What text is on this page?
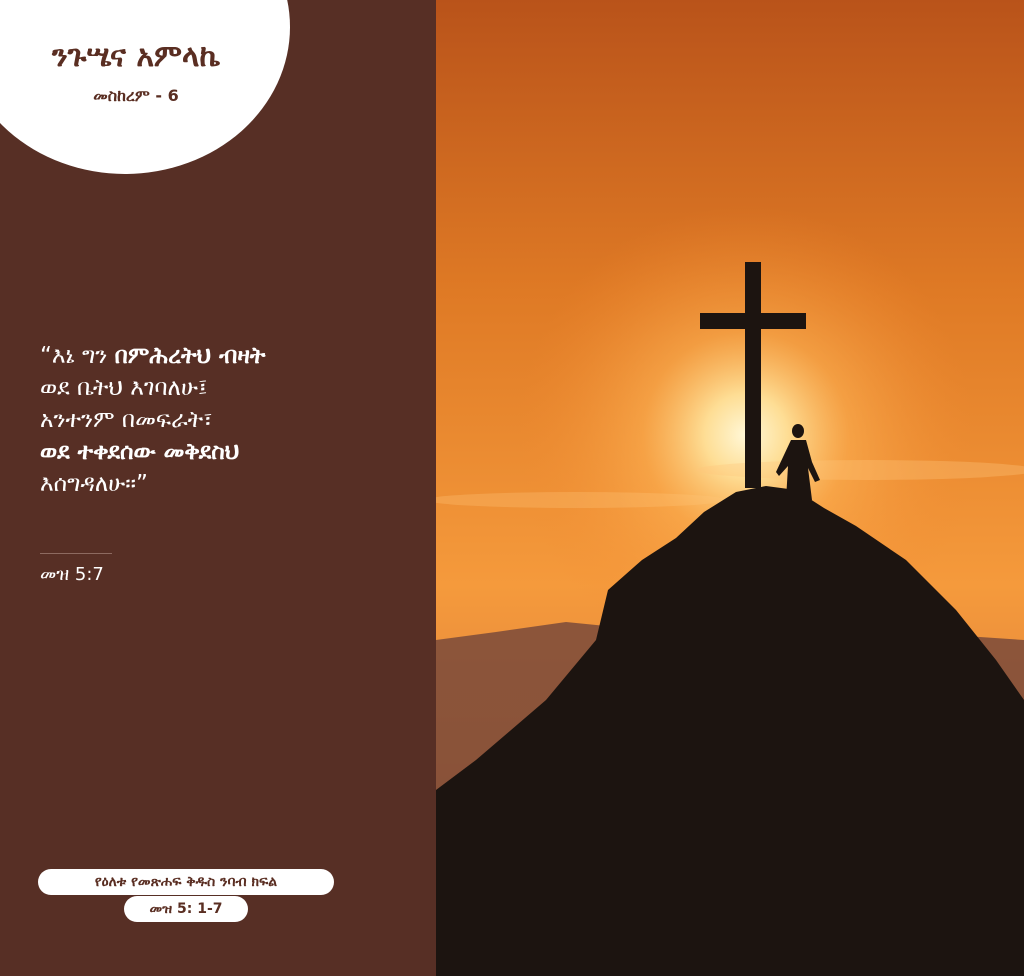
ንጉሤና አምላኬ
መስከረም - 6
“እኔ ግን በምሕረትህ ብዛት
ወደ ቤትህ እገባለሁ፤
አንተንም በመፍራት፣
ወደ ተቀደሰው መቅደስህ
እሰግዳለሁ።”
መዝ 5:7
የዕለቱ የመጽሐፍ ቅዱስ ንባብ ክፍል
መዝ 5: 1-7
